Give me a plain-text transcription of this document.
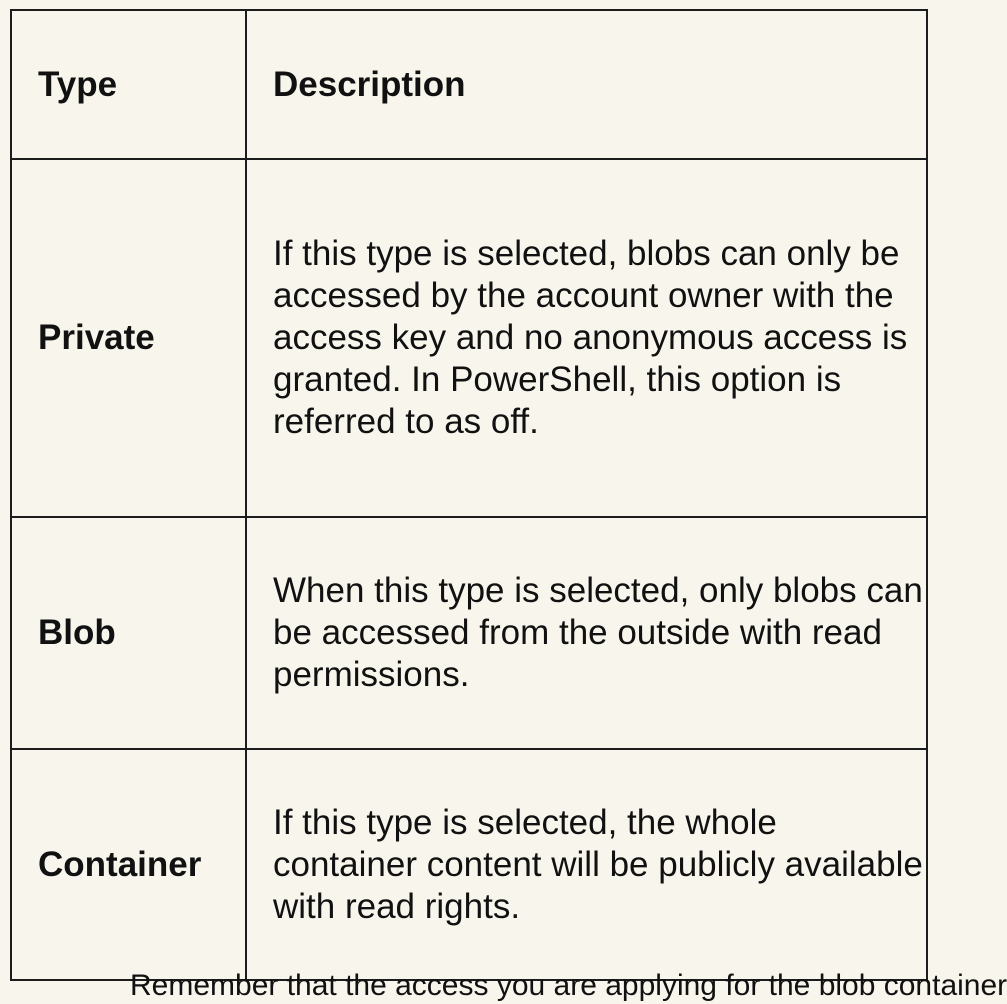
Type	Description
Private	If this type is selected, blobs can only be accessed by the account owner with the access key and no anonymous access is granted. In PowerShell, this option is referred to as off.
Blob	When this type is selected, only blobs can be accessed from the outside with read permissions.
Container	If this type is selected, the whole container content will be publicly available with read rights.
Remember that the access you are applying for the blob container
